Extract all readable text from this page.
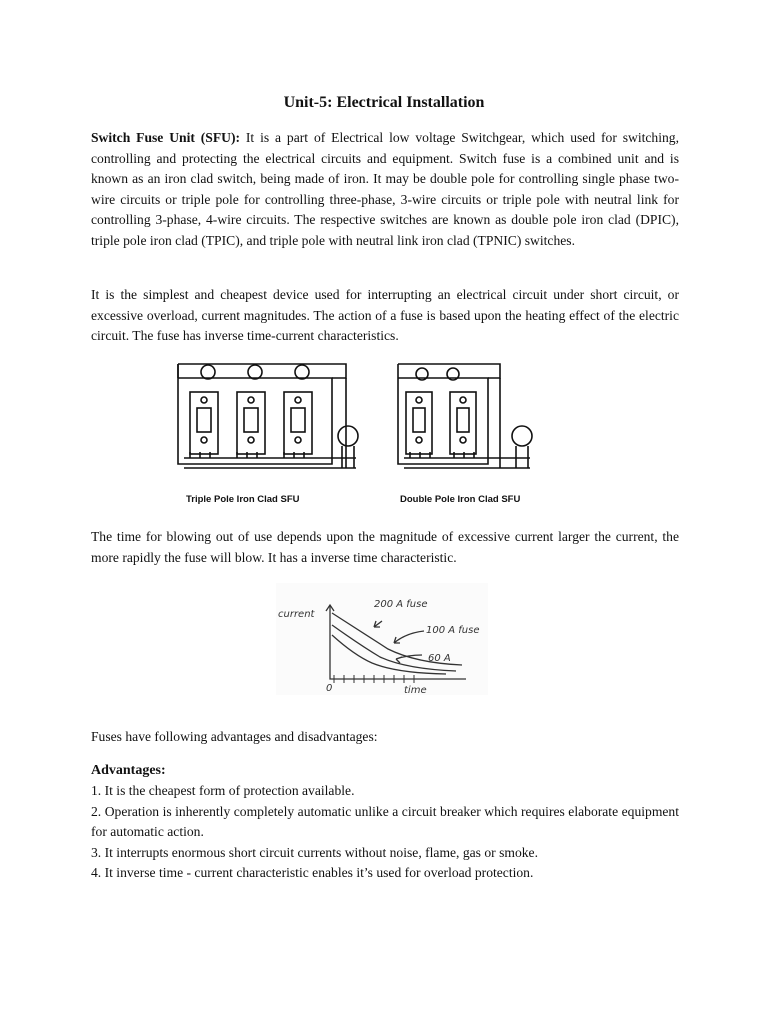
Unit-5: Electrical Installation

Switch Fuse Unit (SFU): It is a part of Electrical low voltage Switchgear, which used for switching, controlling and protecting the electrical circuits and equipment. Switch fuse is a combined unit and is known as an iron clad switch, being made of iron. It may be double pole for controlling single phase two-wire circuits or triple pole for controlling three-phase, 3-wire circuits or triple pole with neutral link for controlling 3-phase, 4-wire circuits. The respective switches are known as double pole iron clad (DPIC), triple pole iron clad (TPIC), and triple pole with neutral link iron clad (TPNIC) switches.

It is the simplest and cheapest device used for interrupting an electrical circuit under short circuit, or excessive overload, current magnitudes. The action of a fuse is based upon the heating effect of the electric circuit. The fuse has inverse time-current characteristics.

Triple Pole Iron Clad SFU	Double Pole Iron Clad SFU

The time for blowing out of use depends upon the magnitude of excessive current larger the current, the more rapidly the fuse will blow. It has a inverse time characteristic.

current
time
0
200 A fuse
100 A fuse
60 A

Fuses have following advantages and disadvantages:

Advantages:
1. It is the cheapest form of protection available.
2. Operation is inherently completely automatic unlike a circuit breaker which requires elaborate equipment for automatic action.
3. It interrupts enormous short circuit currents without noise, flame, gas or smoke.
4. It inverse time - current characteristic enables it’s used for overload protection.
